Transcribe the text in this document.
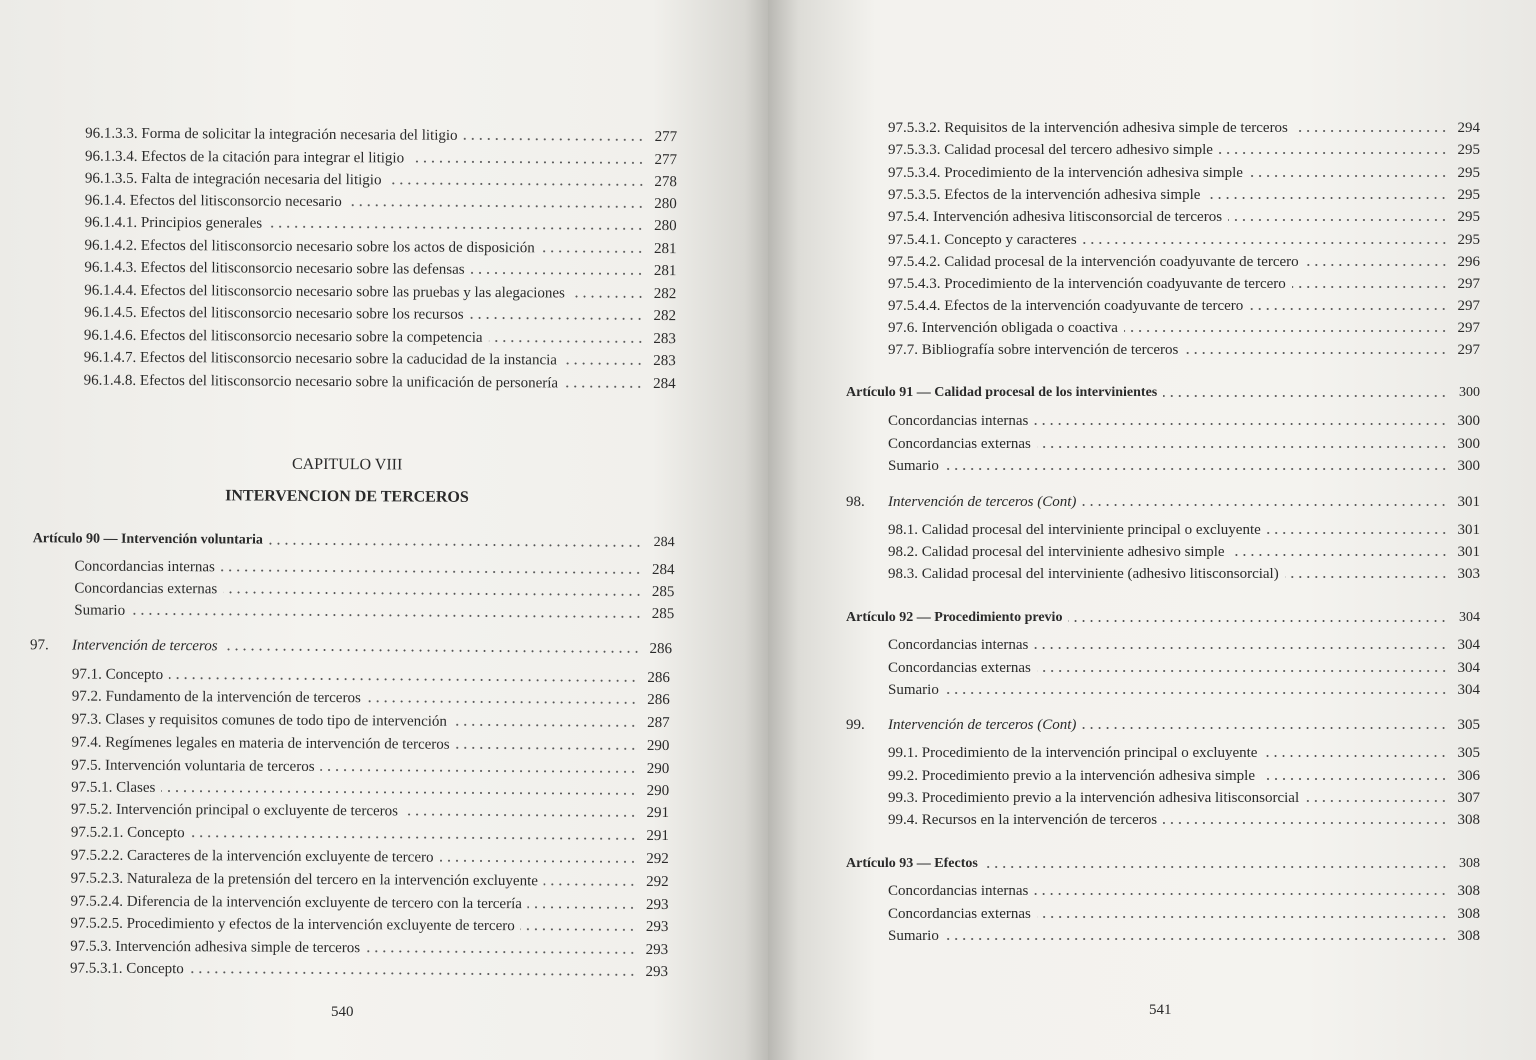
96.1.3.3. Forma de solicitar la integración necesaria del litigio	277
96.1.3.4. Efectos de la citación para integrar el litigio	277
96.1.3.5. Falta de integración necesaria del litigio	278
96.1.4. Efectos del litisconsorcio necesario	280
96.1.4.1. Principios generales	280
96.1.4.2. Efectos del litisconsorcio necesario sobre los actos de disposición	281
96.1.4.3. Efectos del litisconsorcio necesario sobre las defensas	281
96.1.4.4. Efectos del litisconsorcio necesario sobre las pruebas y las alegaciones	282
96.1.4.5. Efectos del litisconsorcio necesario sobre los recursos	282
96.1.4.6. Efectos del litisconsorcio necesario sobre la competencia	283
96.1.4.7. Efectos del litisconsorcio necesario sobre la caducidad de la instancia	283
96.1.4.8. Efectos del litisconsorcio necesario sobre la unificación de personería	284
CAPITULO VIII
INTERVENCION DE TERCEROS
Artículo 90 — Intervención voluntaria	284
Concordancias internas	284
Concordancias externas	285
Sumario	285
97.	Intervención de terceros	286
97.1. Concepto	286
97.2. Fundamento de la intervención de terceros	286
97.3. Clases y requisitos comunes de todo tipo de intervención	287
97.4. Regímenes legales en materia de intervención de terceros	290
97.5. Intervención voluntaria de terceros	290
97.5.1. Clases	290
97.5.2. Intervención principal o excluyente de terceros	291
97.5.2.1. Concepto	291
97.5.2.2. Caracteres de la intervención excluyente de tercero	292
97.5.2.3. Naturaleza de la pretensión del tercero en la intervención excluyente	292
97.5.2.4. Diferencia de la intervención excluyente de tercero con la tercería	293
97.5.2.5. Procedimiento y efectos de la intervención excluyente de tercero	293
97.5.3. Intervención adhesiva simple de terceros	293
97.5.3.1. Concepto	293
540
97.5.3.2. Requisitos de la intervención adhesiva simple de terceros	294
97.5.3.3. Calidad procesal del tercero adhesivo simple	295
97.5.3.4. Procedimiento de la intervención adhesiva simple	295
97.5.3.5. Efectos de la intervención adhesiva simple	295
97.5.4. Intervención adhesiva litisconsorcial de terceros	295
97.5.4.1. Concepto y caracteres	295
97.5.4.2. Calidad procesal de la intervención coadyuvante de tercero	296
97.5.4.3. Procedimiento de la intervención coadyuvante de tercero	297
97.5.4.4. Efectos de la intervención coadyuvante de tercero	297
97.6. Intervención obligada o coactiva	297
97.7. Bibliografía sobre intervención de terceros	297
Artículo 91 — Calidad procesal de los intervinientes	300
Concordancias internas	300
Concordancias externas	300
Sumario	300
98.	Intervención de terceros (Cont)	301
98.1. Calidad procesal del interviniente principal o excluyente	301
98.2. Calidad procesal del interviniente adhesivo simple	301
98.3. Calidad procesal del interviniente (adhesivo litisconsorcial)	303
Artículo 92 — Procedimiento previo	304
Concordancias internas	304
Concordancias externas	304
Sumario	304
99.	Intervención de terceros (Cont)	305
99.1. Procedimiento de la intervención principal o excluyente	305
99.2. Procedimiento previo a la intervención adhesiva simple	306
99.3. Procedimiento previo a la intervención adhesiva litisconsorcial	307
99.4. Recursos en la intervención de terceros	308
Artículo 93 — Efectos	308
Concordancias internas	308
Concordancias externas	308
Sumario	308
541
